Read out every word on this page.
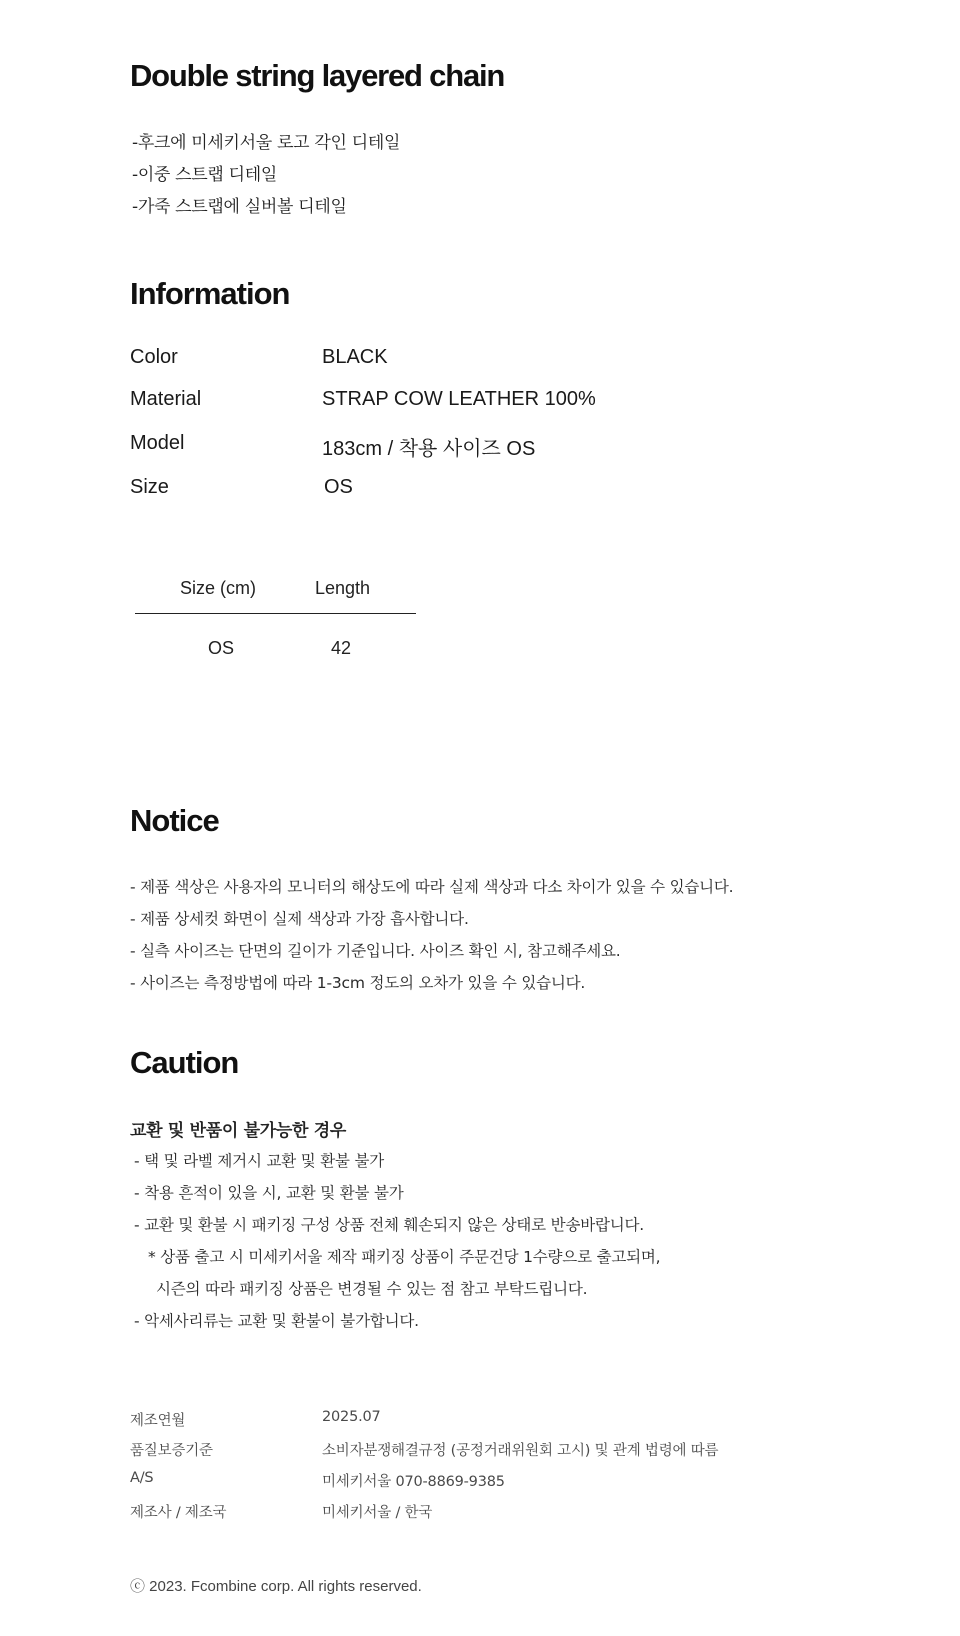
Double string layered chain
-후크에 미세키서울 로고 각인 디테일
-이중 스트랩 디테일
-가죽 스트랩에 실버볼 디테일
Information
Color	BLACK
Material	STRAP COW LEATHER 100%
Model	183cm / 착용 사이즈 OS
Size	OS
Size (cm)	Length
OS	42
Notice
- 제품 색상은 사용자의 모니터의 해상도에 따라 실제 색상과 다소 차이가 있을 수 있습니다.
- 제품 상세컷 화면이 실제 색상과 가장 흡사합니다.
- 실측 사이즈는 단면의 길이가 기준입니다. 사이즈 확인 시, 참고해주세요.
- 사이즈는 측정방법에 따라 1-3cm 정도의 오차가 있을 수 있습니다.
Caution
교환 및 반품이 불가능한 경우
- 택 및 라벨 제거시 교환 및 환불 불가
- 착용 흔적이 있을 시, 교환 및 환불 불가
- 교환 및 환불 시 패키징 구성 상품 전체 훼손되지 않은 상태로 반송바랍니다.
* 상품 출고 시 미세키서울 제작 패키징 상품이 주문건당 1수량으로 출고되며,
시즌의 따라 패키징 상품은 변경될 수 있는 점 참고 부탁드립니다.
- 악세사리류는 교환 및 환불이 불가합니다.
제조연월	2025.07
품질보증기준	소비자분쟁해결규정 (공정거래위원회 고시) 및 관계 법령에 따름
A/S	미세키서울 070-8869-9385
제조사 / 제조국	미세키서울 / 한국
ⓒ 2023. Fcombine corp. All rights reserved.
